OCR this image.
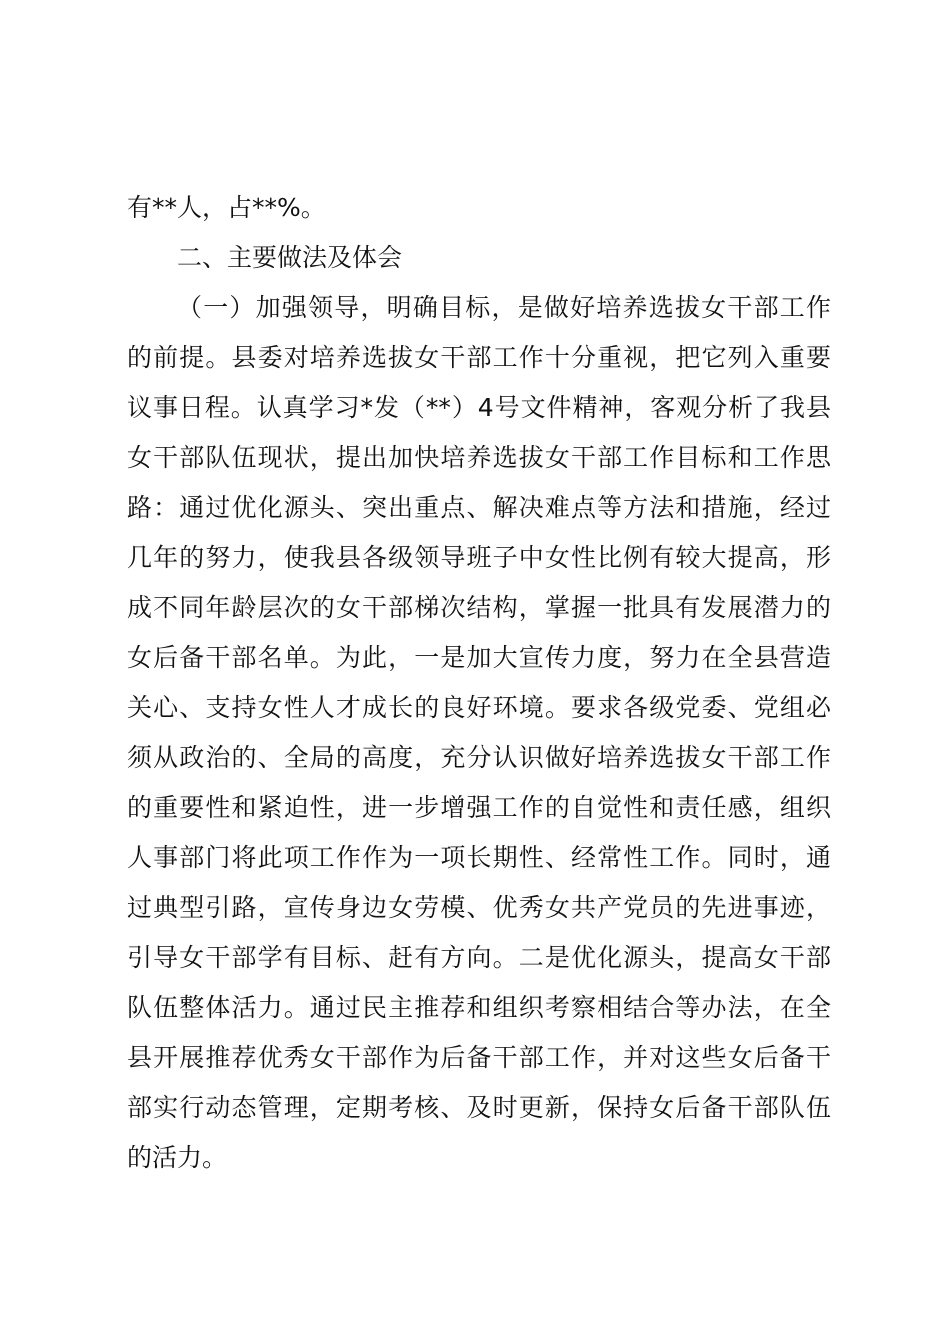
有**人，占**%。
二、主要做法及体会
（一）加强领导，明确目标，是做好培养选拔女干部工作
的前提。县委对培养选拔女干部工作十分重视，把它列入重要
议事日程。认真学习*发（**）4号文件精神，客观分析了我县
女干部队伍现状，提出加快培养选拔女干部工作目标和工作思
路：通过优化源头、突出重点、解决难点等方法和措施，经过
几年的努力，使我县各级领导班子中女性比例有较大提高，形
成不同年龄层次的女干部梯次结构，掌握一批具有发展潜力的
女后备干部名单。为此，一是加大宣传力度，努力在全县营造
关心、支持女性人才成长的良好环境。要求各级党委、党组必
须从政治的、全局的高度，充分认识做好培养选拔女干部工作
的重要性和紧迫性，进一步增强工作的自觉性和责任感，组织
人事部门将此项工作作为一项长期性、经常性工作。同时，通
过典型引路，宣传身边女劳模、优秀女共产党员的先进事迹，
引导女干部学有目标、赶有方向。二是优化源头，提高女干部
队伍整体活力。通过民主推荐和组织考察相结合等办法，在全
县开展推荐优秀女干部作为后备干部工作，并对这些女后备干
部实行动态管理，定期考核、及时更新，保持女后备干部队伍
的活力。
